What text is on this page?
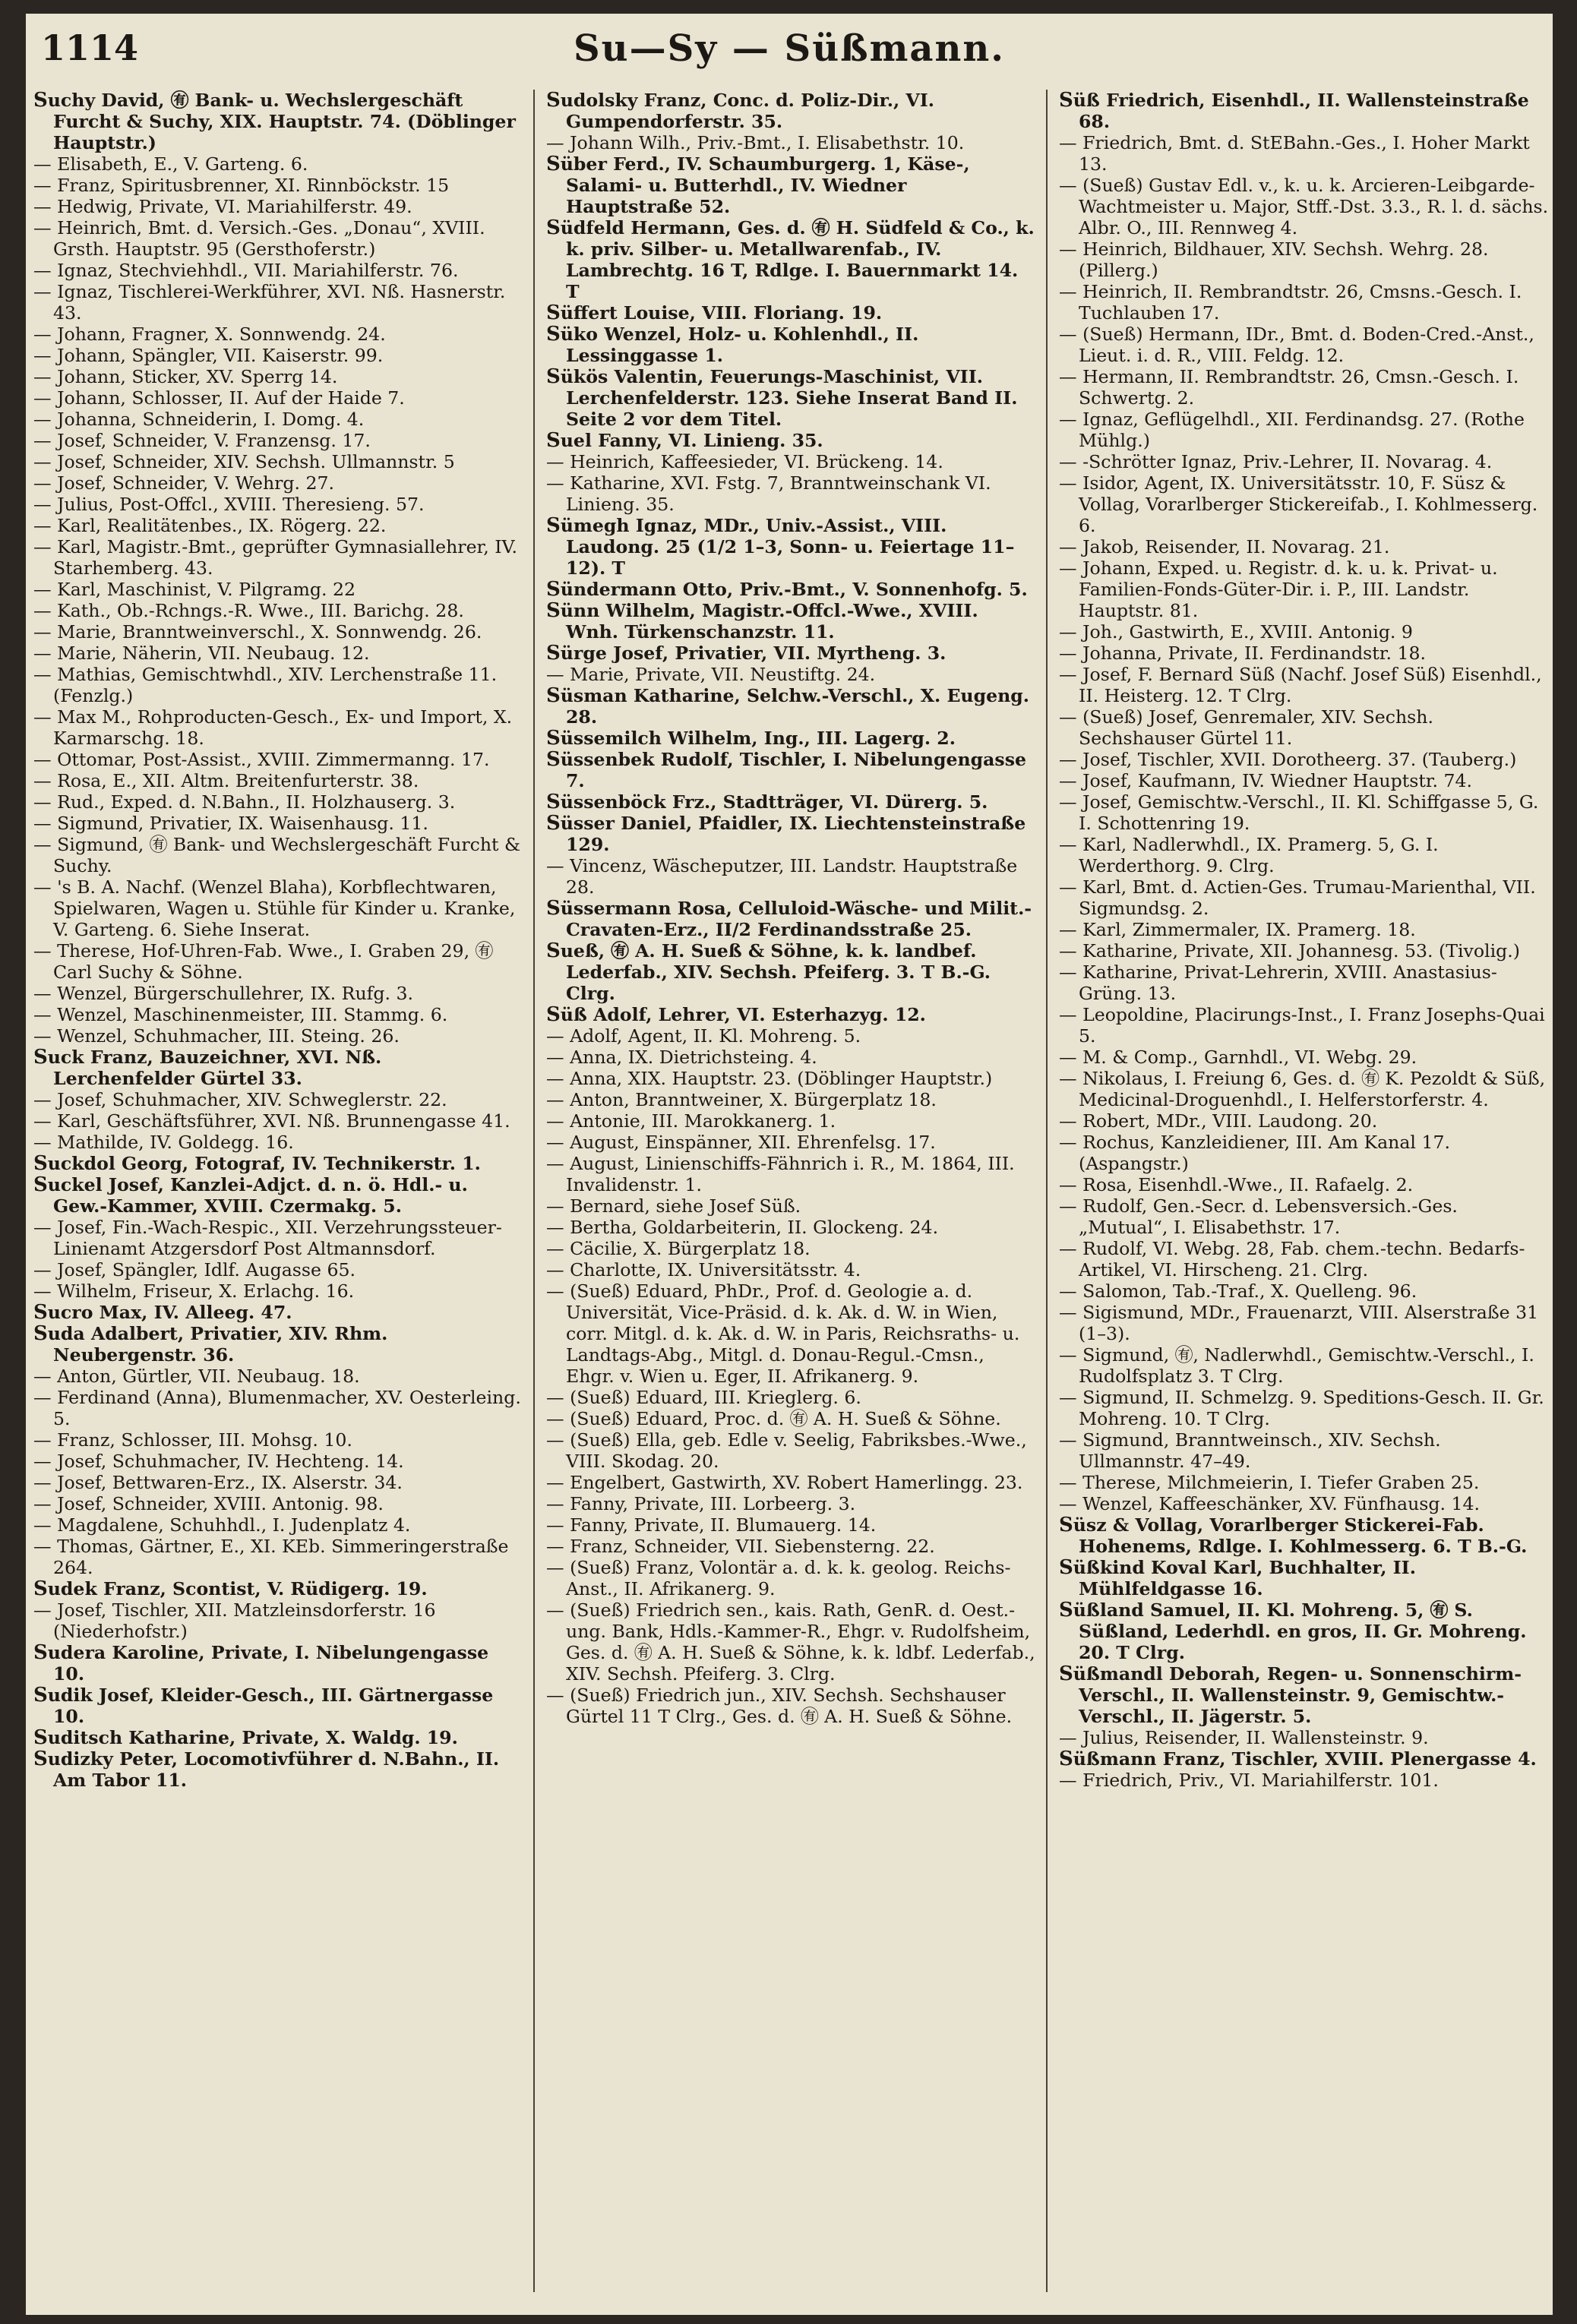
1114	Su—Sy — Süßmann.

Suchy David, ㊒ Bank- u. Wechslergeschäft Furcht & Suchy, XIX. Hauptstr. 74. (Döblinger Hauptstr.)

— Elisabeth, E., V. Garteng. 6.

— Franz, Spiritusbrenner, XI. Rinnböckstr. 15

— Hedwig, Private, VI. Mariahilferstr. 49.

— Heinrich, Bmt. d. Versich.-Ges. „Donau“, XVIII. Grsth. Hauptstr. 95 (Gersthoferstr.)

— Ignaz, Stechviehhdl., VII. Mariahilferstr. 76.

— Ignaz, Tischlerei-Werkführer, XVI. Nß. Hasnerstr. 43.

— Johann, Fragner, X. Sonnwendg. 24.

— Johann, Spängler, VII. Kaiserstr. 99.

— Johann, Sticker, XV. Sperrg 14.

— Johann, Schlosser, II. Auf der Haide 7.

— Johanna, Schneiderin, I. Domg. 4.

— Josef, Schneider, V. Franzensg. 17.

— Josef, Schneider, XIV. Sechsh. Ullmannstr. 5

— Josef, Schneider, V. Wehrg. 27.

— Julius, Post-Offcl., XVIII. Theresieng. 57.

— Karl, Realitätenbes., IX. Rögerg. 22.

— Karl, Magistr.-Bmt., geprüfter Gymnasiallehrer, IV. Starhemberg. 43.

— Karl, Maschinist, V. Pilgramg. 22

— Kath., Ob.-Rchngs.-R. Wwe., III. Barichg. 28.

— Marie, Branntweinverschl., X. Sonnwendg. 26.

— Marie, Näherin, VII. Neubaug. 12.

— Mathias, Gemischtwhdl., XIV. Lerchenstraße 11. (Fenzlg.)

— Max M., Rohproducten-Gesch., Ex- und Import, X. Karmarschg. 18.

— Ottomar, Post-Assist., XVIII. Zimmermanng. 17.

— Rosa, E., XII. Altm. Breitenfurterstr. 38.

— Rud., Exped. d. N.Bahn., II. Holzhauserg. 3.

— Sigmund, Privatier, IX. Waisenhausg. 11.

— Sigmund, ㊒ Bank- und Wechslergeschäft Furcht & Suchy.

— 's B. A. Nachf. (Wenzel Blaha), Korbflechtwaren, Spielwaren, Wagen u. Stühle für Kinder u. Kranke, V. Garteng. 6. Siehe Inserat.

— Therese, Hof-Uhren-Fab. Wwe., I. Graben 29, ㊒ Carl Suchy & Söhne.

— Wenzel, Bürgerschullehrer, IX. Rufg. 3.

— Wenzel, Maschinenmeister, III. Stammg. 6.

— Wenzel, Schuhmacher, III. Steing. 26.

Suck Franz, Bauzeichner, XVI. Nß. Lerchenfelder Gürtel 33.

— Josef, Schuhmacher, XIV. Schweglerstr. 22.

— Karl, Geschäftsführer, XVI. Nß. Brunnengasse 41.

— Mathilde, IV. Goldegg. 16.

Suckdol Georg, Fotograf, IV. Technikerstr. 1.

Suckel Josef, Kanzlei-Adjct. d. n. ö. Hdl.- u. Gew.-Kammer, XVIII. Czermakg. 5.

— Josef, Fin.-Wach-Respic., XII. Verzehrungssteuer-Linienamt Atzgersdorf Post Altmannsdorf.

— Josef, Spängler, Idlf. Augasse 65.

— Wilhelm, Friseur, X. Erlachg. 16.

Sucro Max, IV. Alleeg. 47.

Suda Adalbert, Privatier, XIV. Rhm. Neubergenstr. 36.

— Anton, Gürtler, VII. Neubaug. 18.

— Ferdinand (Anna), Blumenmacher, XV. Oesterleing. 5.

— Franz, Schlosser, III. Mohsg. 10.

— Josef, Schuhmacher, IV. Hechteng. 14.

— Josef, Bettwaren-Erz., IX. Alserstr. 34.

— Josef, Schneider, XVIII. Antonig. 98.

— Magdalene, Schuhhdl., I. Judenplatz 4.

— Thomas, Gärtner, E., XI. KEb. Simmeringerstraße 264.

Sudek Franz, Scontist, V. Rüdigerg. 19.

— Josef, Tischler, XII. Matzleinsdorferstr. 16 (Niederhofstr.)

Sudera Karoline, Private, I. Nibelungengasse 10.

Sudik Josef, Kleider-Gesch., III. Gärtnergasse 10.

Suditsch Katharine, Private, X. Waldg. 19.

Sudizky Peter, Locomotivführer d. N.Bahn., II. Am Tabor 11.

Sudolsky Franz, Conc. d. Poliz-Dir., VI. Gumpendorferstr. 35.

— Johann Wilh., Priv.-Bmt., I. Elisabethstr. 10.

Süber Ferd., IV. Schaumburgerg. 1, Käse-, Salami- u. Butterhdl., IV. Wiedner Hauptstraße 52.

Südfeld Hermann, Ges. d. ㊒ H. Südfeld & Co., k. k. priv. Silber- u. Metallwarenfab., IV. Lambrechtg. 16 T, Rdlge. I. Bauernmarkt 14. T

Süffert Louise, VIII. Floriang. 19.

Süko Wenzel, Holz- u. Kohlenhdl., II. Lessinggasse 1.

Sükös Valentin, Feuerungs-Maschinist, VII. Lerchenfelderstr. 123. Siehe Inserat Band II. Seite 2 vor dem Titel.

Suel Fanny, VI. Linieng. 35.

— Heinrich, Kaffeesieder, VI. Brückeng. 14.

— Katharine, XVI. Fstg. 7, Branntweinschank VI. Linieng. 35.

Sümegh Ignaz, MDr., Univ.-Assist., VIII. Laudong. 25 (1/2 1–3, Sonn- u. Feiertage 11–12). T

Sündermann Otto, Priv.-Bmt., V. Sonnenhofg. 5.

Sünn Wilhelm, Magistr.-Offcl.-Wwe., XVIII. Wnh. Türkenschanzstr. 11.

Sürge Josef, Privatier, VII. Myrtheng. 3.

— Marie, Private, VII. Neustiftg. 24.

Süsman Katharine, Selchw.-Verschl., X. Eugeng. 28.

Süssemilch Wilhelm, Ing., III. Lagerg. 2.

Süssenbek Rudolf, Tischler, I. Nibelungengasse 7.

Süssenböck Frz., Stadtträger, VI. Dürerg. 5.

Süsser Daniel, Pfaidler, IX. Liechtensteinstraße 129.

— Vincenz, Wäscheputzer, III. Landstr. Hauptstraße 28.

Süssermann Rosa, Celluloid-Wäsche- und Milit.-Cravaten-Erz., II/2 Ferdinandsstraße 25.

Sueß, ㊒ A. H. Sueß & Söhne, k. k. landbef. Lederfab., XIV. Sechsh. Pfeiferg. 3. T B.-G. Clrg.

Süß Adolf, Lehrer, VI. Esterhazyg. 12.

— Adolf, Agent, II. Kl. Mohreng. 5.

— Anna, IX. Dietrichsteing. 4.

— Anna, XIX. Hauptstr. 23. (Döblinger Hauptstr.)

— Anton, Branntweiner, X. Bürgerplatz 18.

— Antonie, III. Marokkanerg. 1.

— August, Einspänner, XII. Ehrenfelsg. 17.

— August, Linienschiffs-Fähnrich i. R., M. 1864, III. Invalidenstr. 1.

— Bernard, siehe Josef Süß.

— Bertha, Goldarbeiterin, II. Glockeng. 24.

— Cäcilie, X. Bürgerplatz 18.

— Charlotte, IX. Universitätsstr. 4.

— (Sueß) Eduard, PhDr., Prof. d. Geologie a. d. Universität, Vice-Präsid. d. k. Ak. d. W. in Wien, corr. Mitgl. d. k. Ak. d. W. in Paris, Reichsraths- u. Landtags-Abg., Mitgl. d. Donau-Regul.-Cmsn., Ehgr. v. Wien u. Eger, II. Afrikanerg. 9.

— (Sueß) Eduard, III. Krieglerg. 6.

— (Sueß) Eduard, Proc. d. ㊒ A. H. Sueß & Söhne.

— (Sueß) Ella, geb. Edle v. Seelig, Fabriksbes.-Wwe., VIII. Skodag. 20.

— Engelbert, Gastwirth, XV. Robert Hamerlingg. 23.

— Fanny, Private, III. Lorbeerg. 3.

— Fanny, Private, II. Blumauerg. 14.

— Franz, Schneider, VII. Siebensterng. 22.

— (Sueß) Franz, Volontär a. d. k. k. geolog. Reichs-Anst., II. Afrikanerg. 9.

— (Sueß) Friedrich sen., kais. Rath, GenR. d. Oest.-ung. Bank, Hdls.-Kammer-R., Ehgr. v. Rudolfsheim, Ges. d. ㊒ A. H. Sueß & Söhne, k. k. ldbf. Lederfab., XIV. Sechsh. Pfeiferg. 3. Clrg.

— (Sueß) Friedrich jun., XIV. Sechsh. Sechshauser Gürtel 11 T Clrg., Ges. d. ㊒ A. H. Sueß & Söhne.

Süß Friedrich, Eisenhdl., II. Wallensteinstraße 68.

— Friedrich, Bmt. d. StEBahn.-Ges., I. Hoher Markt 13.

— (Sueß) Gustav Edl. v., k. u. k. Arcieren-Leibgarde-Wachtmeister u. Major, Stff.-Dst. 3.3., R. l. d. sächs. Albr. O., III. Rennweg 4.

— Heinrich, Bildhauer, XIV. Sechsh. Wehrg. 28. (Pillerg.)

— Heinrich, II. Rembrandtstr. 26, Cmsns.-Gesch. I. Tuchlauben 17.

— (Sueß) Hermann, IDr., Bmt. d. Boden-Cred.-Anst., Lieut. i. d. R., VIII. Feldg. 12.

— Hermann, II. Rembrandtstr. 26, Cmsn.-Gesch. I. Schwertg. 2.

— Ignaz, Geflügelhdl., XII. Ferdinandsg. 27. (Rothe Mühlg.)

— -Schrötter Ignaz, Priv.-Lehrer, II. Novarag. 4.

— Isidor, Agent, IX. Universitätsstr. 10, F. Süsz & Vollag, Vorarlberger Stickereifab., I. Kohlmesserg. 6.

— Jakob, Reisender, II. Novarag. 21.

— Johann, Exped. u. Registr. d. k. u. k. Privat- u. Familien-Fonds-Güter-Dir. i. P., III. Landstr. Hauptstr. 81.

— Joh., Gastwirth, E., XVIII. Antonig. 9

— Johanna, Private, II. Ferdinandstr. 18.

— Josef, F. Bernard Süß (Nachf. Josef Süß) Eisenhdl., II. Heisterg. 12. T Clrg.

— (Sueß) Josef, Genremaler, XIV. Sechsh. Sechshauser Gürtel 11.

— Josef, Tischler, XVII. Dorotheerg. 37. (Tauberg.)

— Josef, Kaufmann, IV. Wiedner Hauptstr. 74.

— Josef, Gemischtw.-Verschl., II. Kl. Schiffgasse 5, G. I. Schottenring 19.

— Karl, Nadlerwhdl., IX. Pramerg. 5, G. I. Werderthorg. 9. Clrg.

— Karl, Bmt. d. Actien-Ges. Trumau-Marienthal, VII. Sigmundsg. 2.

— Karl, Zimmermaler, IX. Pramerg. 18.

— Katharine, Private, XII. Johannesg. 53. (Tivolig.)

— Katharine, Privat-Lehrerin, XVIII. Anastasius-Grüng. 13.

— Leopoldine, Placirungs-Inst., I. Franz Josephs-Quai 5.

— M. & Comp., Garnhdl., VI. Webg. 29.

— Nikolaus, I. Freiung 6, Ges. d. ㊒ K. Pezoldt & Süß, Medicinal-Droguenhdl., I. Helferstorferstr. 4.

— Robert, MDr., VIII. Laudong. 20.

— Rochus, Kanzleidiener, III. Am Kanal 17. (Aspangstr.)

— Rosa, Eisenhdl.-Wwe., II. Rafaelg. 2.

— Rudolf, Gen.-Secr. d. Lebensversich.-Ges. „Mutual“, I. Elisabethstr. 17.

— Rudolf, VI. Webg. 28, Fab. chem.-techn. Bedarfs-Artikel, VI. Hirscheng. 21. Clrg.

— Salomon, Tab.-Traf., X. Quelleng. 96.

— Sigismund, MDr., Frauenarzt, VIII. Alserstraße 31 (1–3).

— Sigmund, ㊒, Nadlerwhdl., Gemischtw.-Verschl., I. Rudolfsplatz 3. T Clrg.

— Sigmund, II. Schmelzg. 9. Speditions-Gesch. II. Gr. Mohreng. 10. T Clrg.

— Sigmund, Branntweinsch., XIV. Sechsh. Ullmannstr. 47–49.

— Therese, Milchmeierin, I. Tiefer Graben 25.

— Wenzel, Kaffeeschänker, XV. Fünfhausg. 14.

Süsz & Vollag, Vorarlberger Stickerei-Fab. Hohenems, Rdlge. I. Kohlmesserg. 6. T B.-G.

Süßkind Koval Karl, Buchhalter, II. Mühlfeldgasse 16.

Süßland Samuel, II. Kl. Mohreng. 5, ㊒ S. Süßland, Lederhdl. en gros, II. Gr. Mohreng. 20. T Clrg.

Süßmandl Deborah, Regen- u. Sonnenschirm-Verschl., II. Wallensteinstr. 9, Gemischtw.-Verschl., II. Jägerstr. 5.

— Julius, Reisender, II. Wallensteinstr. 9.

Süßmann Franz, Tischler, XVIII. Plenergasse 4.

— Friedrich, Priv., VI. Mariahilferstr. 101.
